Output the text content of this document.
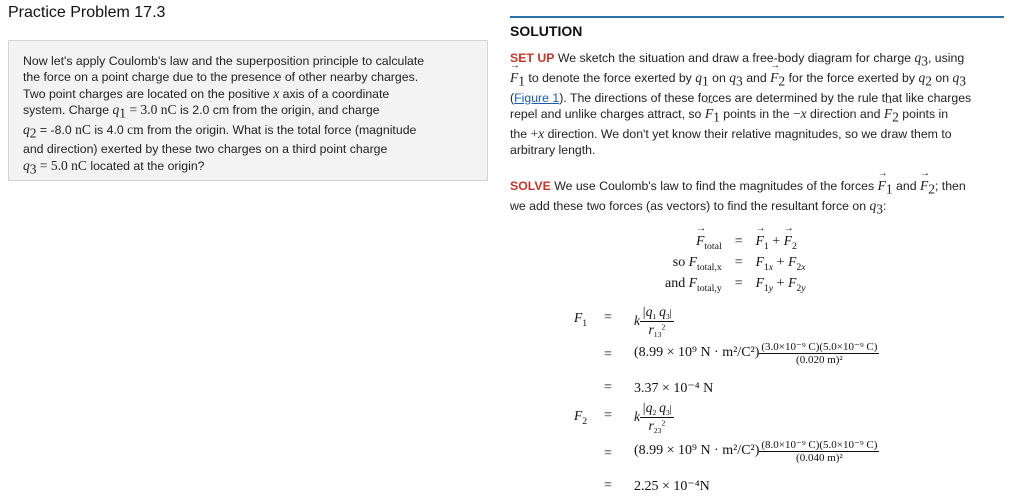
Practice Problem 17.3
Now let's apply Coulomb's law and the superposition principle to calculate
the force on a point charge due to the presence of other nearby charges.
Two point charges are located on the positive x axis of a coordinate
system. Charge $q_1 = 3.0$ nC is 2.0 cm from the origin, and charge
$q_2 = -8.0$ nC is 4.0 cm from the origin. What is the total force (magnitude
and direction) exerted by these two charges on a third point charge
$q_3 = 5.0$ nC located at the origin?
SOLUTION
SET UP We sketch the situation and draw a free-body diagram for charge $q_3$, using
→ $F_1$ to denote the force exerted by $q_1$ on $q_3$ and → $F_2$ for the force exerted by $q_2$ on $q_3$
(Figure 1). The directions of these forces are determined by the rule that like charges
repel and unlike charges attract, so → $F_1$ points in the −x direction and → $F_2$ points in
the +x direction. We don't yet know their relative magnitudes, so we draw them to
arbitrary length.
SOLVE We use Coulomb's law to find the magnitudes of the forces → $F_1$ and → $F_2$; then
we add these two forces (as vectors) to find the resultant force on $q_3$:
→ $F_{total}$	=	→ $F_1$ + → $F_2$
so $F_{total,x}$	=	$F_{1x} + F_{2x}$
and $F_{total,y}$	=	$F_{1y} + F_{2y}$
$F_1 = k \frac{|q_1 q_3|}{r_{13}^2}$
= (8.99 × 10⁹ $N \cdot m^2/C^2) \frac{\text{(3.0×10⁻⁹ C)(5.0×10⁻⁹ C)}}{\text{(0.020 m)²}}$
= 3.37 × 10⁻⁴ N
$F_2 = k \frac{|q_2 q_3|}{r_{23}^2}$
= (8.99 × 10⁹ $N \cdot m^2/C^2) \frac{\text{(8.0×10⁻⁹ C)(5.0×10⁻⁹ C)}}{\text{(0.040 m)²}}$
= 2.25 × 10⁻⁴N
